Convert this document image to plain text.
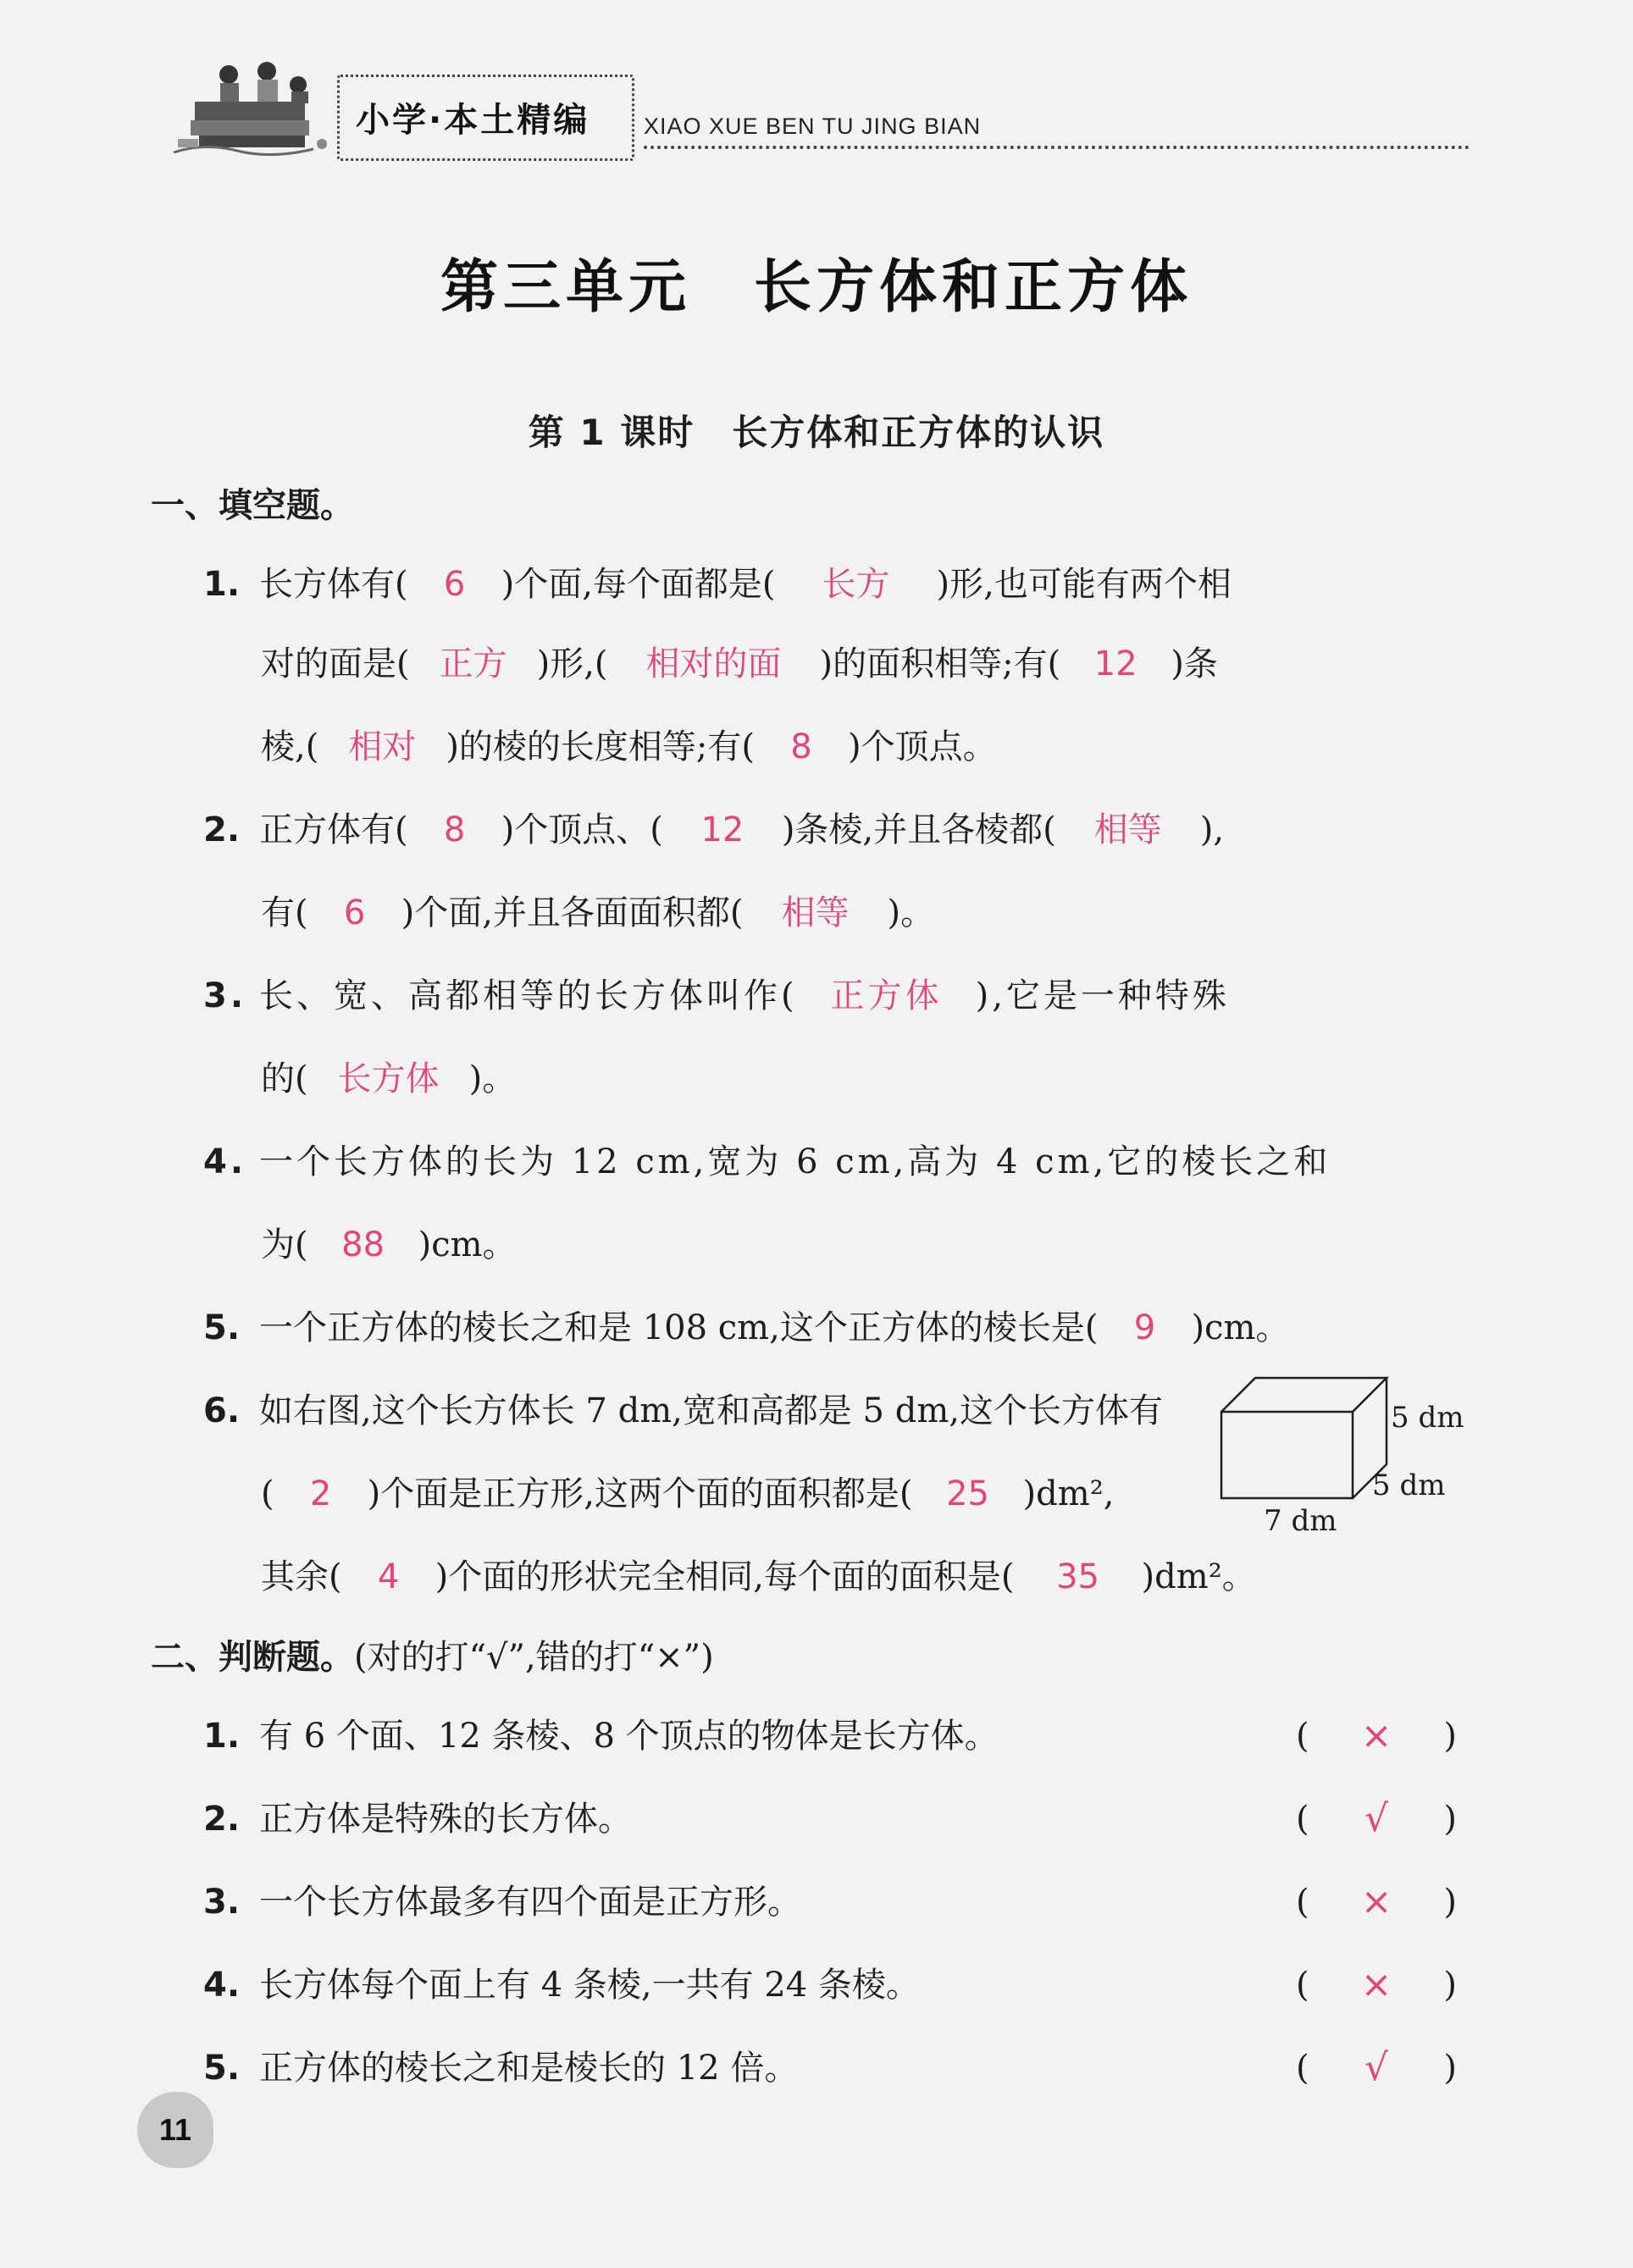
小学·本土精编	XIAO XUE BEN TU JING BIAN
第三单元　长方体和正方体
第 1 课时　长方体和正方体的认识
一、填空题。
1. 长方体有( 6 )个面,每个面都是( 长方 )形,也可能有两个相
对的面是( 正方 )形,( 相对的面 )的面积相等;有( 12 )条
棱,( 相对 )的棱的长度相等;有( 8 )个顶点。
2. 正方体有( 8 )个顶点、( 12 )条棱,并且各棱都( 相等 ),
有( 6 )个面,并且各面面积都( 相等 )。
3. 长、宽、高都相等的长方体叫作( 正方体 ),它是一种特殊
的( 长方体 )。
4. 一个长方体的长为 12 cm,宽为 6 cm,高为 4 cm,它的棱长之和
为( 88 )cm。
5. 一个正方体的棱长之和是 108 cm,这个正方体的棱长是( 9 )cm。
6. 如右图,这个长方体长 7 dm,宽和高都是 5 dm,这个长方体有
( 2 )个面是正方形,这两个面的面积都是( 25 )dm²,
其余( 4 )个面的形状完全相同,每个面的面积是( 35 )dm²。
5 dm
5 dm
7 dm
二、判断题。(对的打“√”,错的打“×”)
1. 有 6 个面、12 条棱、8 个顶点的物体是长方体。	(	×	)
2. 正方体是特殊的长方体。	(	√	)
3. 一个长方体最多有四个面是正方形。	(	×	)
4. 长方体每个面上有 4 条棱,一共有 24 条棱。	(	×	)
5. 正方体的棱长之和是棱长的 12 倍。	(	√	)
11
